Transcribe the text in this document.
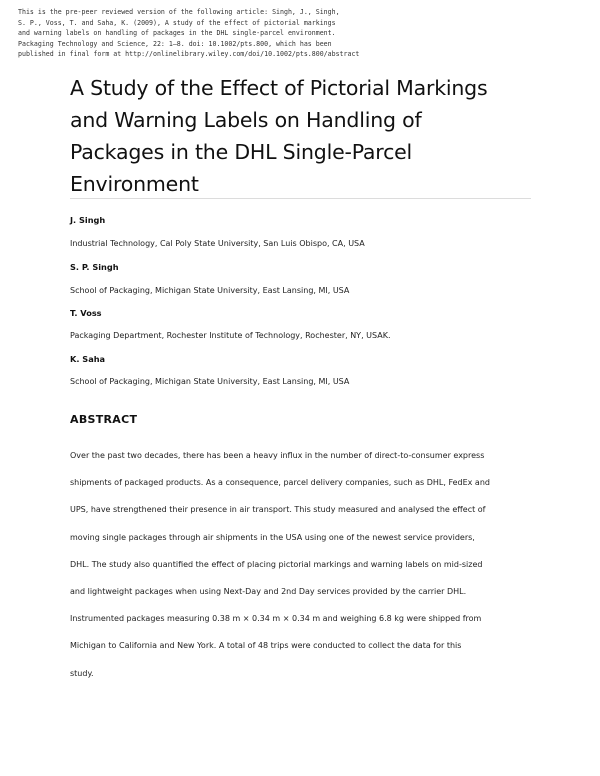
This is the pre-peer reviewed version of the following article: Singh, J., Singh,
S. P., Voss, T. and Saha, K. (2009), A study of the effect of pictorial markings
and warning labels on handling of packages in the DHL single-parcel environment.
Packaging Technology and Science, 22: 1–8. doi: 10.1002/pts.800, which has been
published in final form at http://onlinelibrary.wiley.com/doi/10.1002/pts.800/abstract
A Study of the Effect of Pictorial Markings
and Warning Labels on Handling of
Packages in the DHL Single-Parcel
Environment

J. Singh

Industrial Technology, Cal Poly State University, San Luis Obispo, CA, USA

S. P. Singh

School of Packaging, Michigan State University, East Lansing, MI, USA

T. Voss

Packaging Department, Rochester Institute of Technology, Rochester, NY, USAK.

K. Saha

School of Packaging, Michigan State University, East Lansing, MI, USA

ABSTRACT
Over the past two decades, there has been a heavy influx in the number of direct-to-consumer express
shipments of packaged products. As a consequence, parcel delivery companies, such as DHL, FedEx and
UPS, have strengthened their presence in air transport. This study measured and analysed the effect of
moving single packages through air shipments in the USA using one of the newest service providers,
DHL. The study also quantified the effect of placing pictorial markings and warning labels on mid-sized
and lightweight packages when using Next-Day and 2nd Day services provided by the carrier DHL.
Instrumented packages measuring 0.38 m × 0.34 m × 0.34 m and weighing 6.8 kg were shipped from
Michigan to California and New York. A total of 48 trips were conducted to collect the data for this
study.
